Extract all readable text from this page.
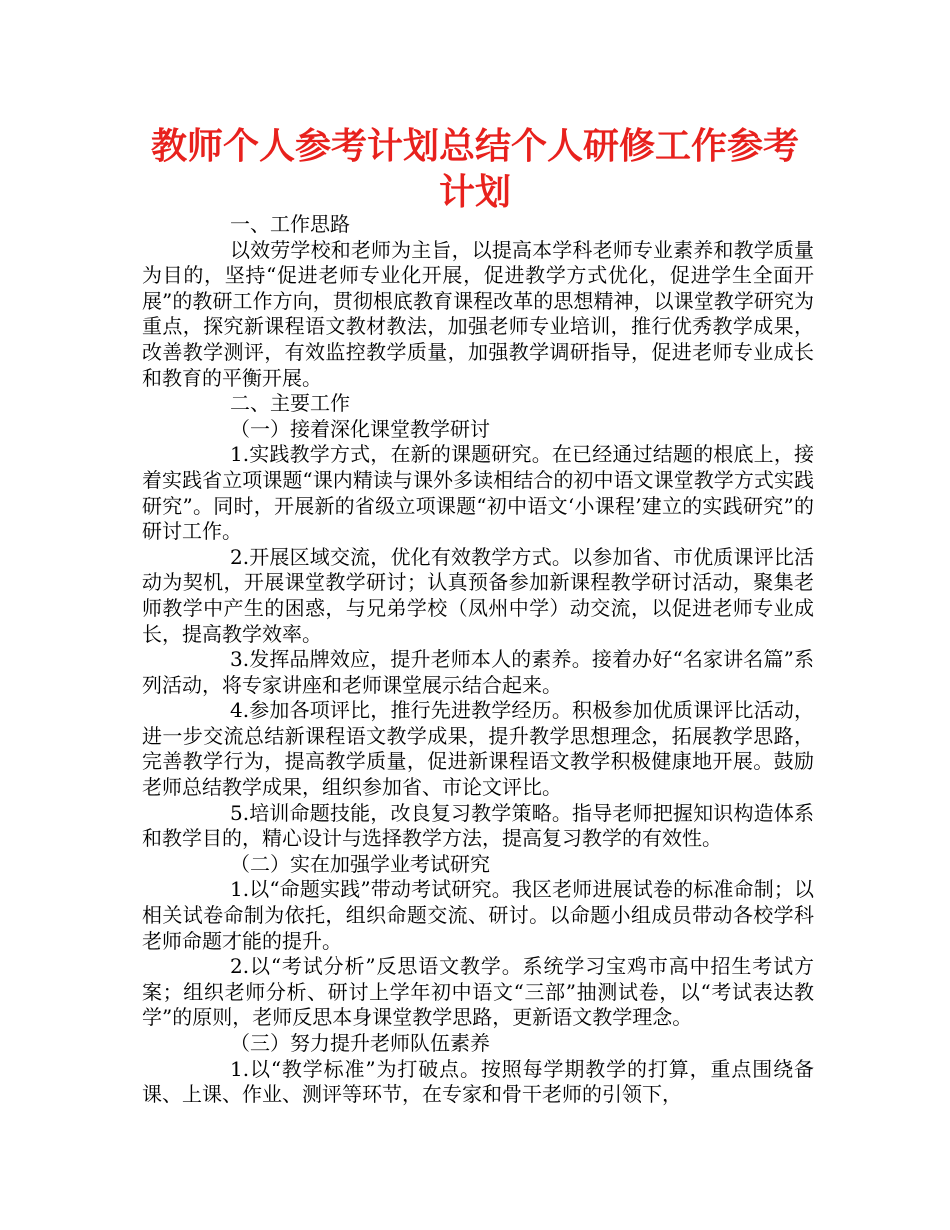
教师个人参考计划总结个人研修工作参考
计划

一、工作思路

以效劳学校和老师为主旨，以提高本学科老师专业素养和教学质量为目的，坚持“促进老师专业化开展，促进教学方式优化，促进学生全面开展”的教研工作方向，贯彻根底教育课程改革的思想精神，以课堂教学研究为重点，探究新课程语文教材教法，加强老师专业培训，推行优秀教学成果，改善教学测评，有效监控教学质量，加强教学调研指导，促进老师专业成长和教育的平衡开展。

二、主要工作

（一）接着深化课堂教学研讨

1.实践教学方式，在新的课题研究。在已经通过结题的根底上，接着实践省立项课题“课内精读与课外多读相结合的初中语文课堂教学方式实践研究”。同时，开展新的省级立项课题“初中语文‘小课程’建立的实践研究”的研讨工作。

2.开展区域交流，优化有效教学方式。以参加省、市优质课评比活动为契机，开展课堂教学研讨；认真预备参加新课程教学研讨活动，聚集老师教学中产生的困惑，与兄弟学校（凤州中学）动交流，以促进老师专业成长，提高教学效率。

3.发挥品牌效应，提升老师本人的素养。接着办好“名家讲名篇”系列活动，将专家讲座和老师课堂展示结合起来。

4.参加各项评比，推行先进教学经历。积极参加优质课评比活动，进一步交流总结新课程语文教学成果，提升教学思想理念，拓展教学思路，完善教学行为，提高教学质量，促进新课程语文教学积极健康地开展。鼓励老师总结教学成果，组织参加省、市论文评比。

5.培训命题技能，改良复习教学策略。指导老师把握知识构造体系和教学目的，精心设计与选择教学方法，提高复习教学的有效性。

（二）实在加强学业考试研究

1.以“命题实践”带动考试研究。我区老师进展试卷的标准命制；以相关试卷命制为依托，组织命题交流、研讨。以命题小组成员带动各校学科老师命题才能的提升。

2.以“考试分析”反思语文教学。系统学习宝鸡市高中招生考试方案；组织老师分析、研讨上学年初中语文“三部”抽测试卷，以“考试表达教学”的原则，老师反思本身课堂教学思路，更新语文教学理念。

（三）努力提升老师队伍素养

1.以“教学标准”为打破点。按照每学期教学的打算，重点围绕备课、上课、作业、测评等环节，在专家和骨干老师的引领下，
